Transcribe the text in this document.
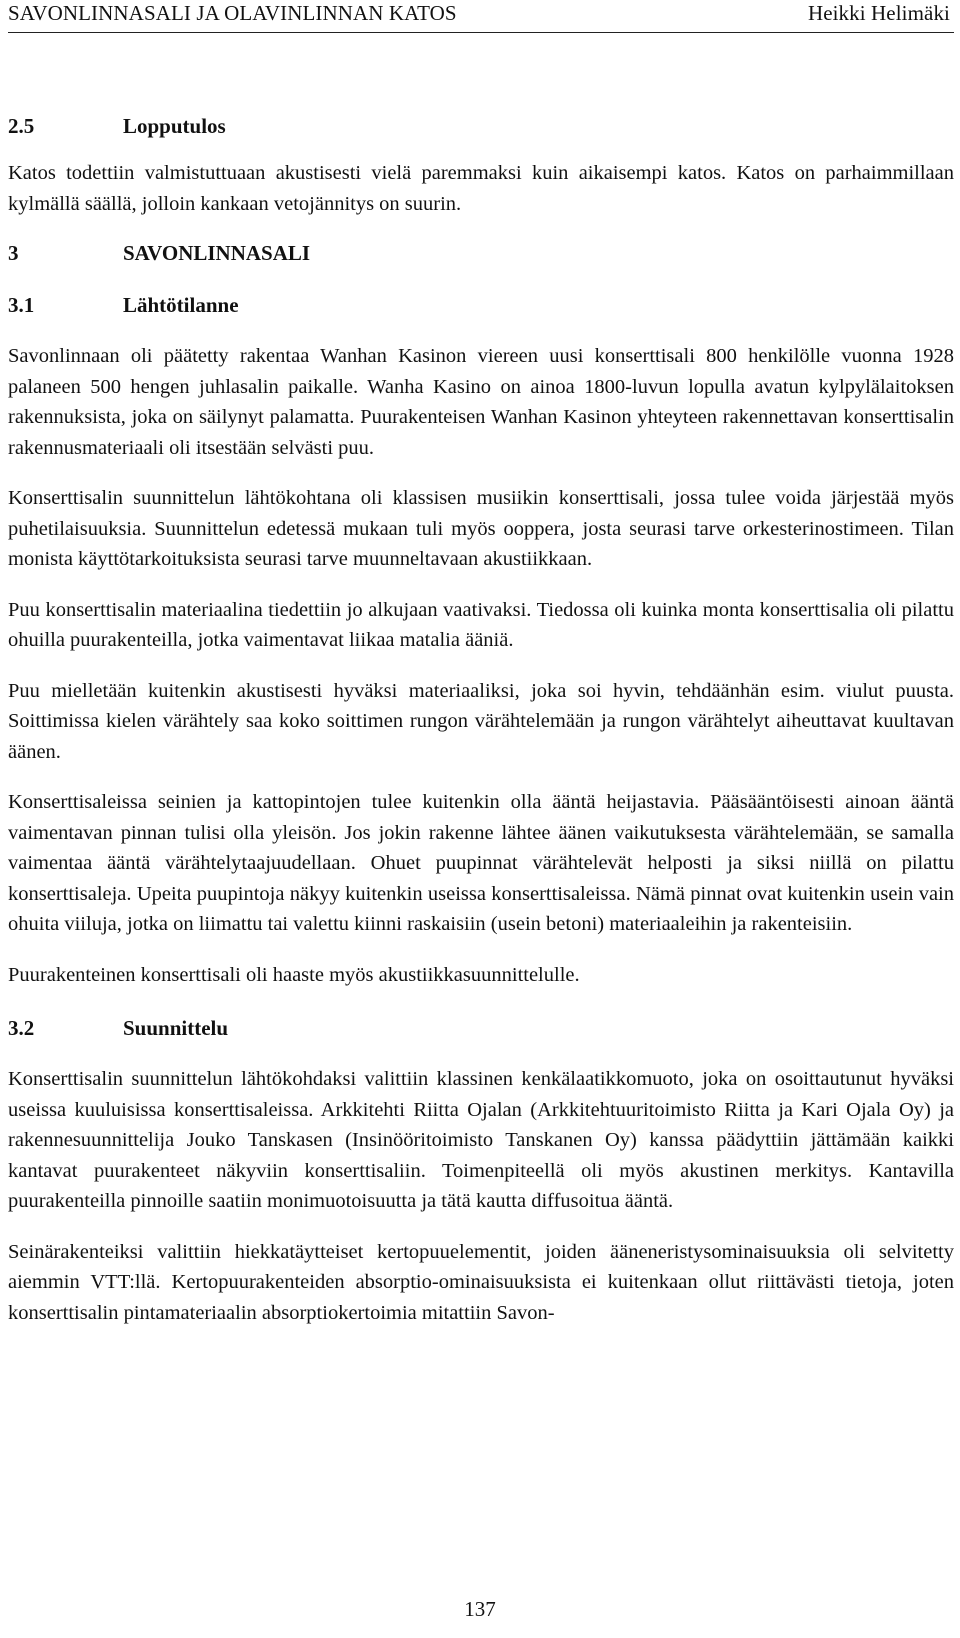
SAVONLINNASALI JA OLAVINLINNAN KATOS	Heikki Helimäki
2.5	Lopputulos

Katos todettiin valmistuttuaan akustisesti vielä paremmaksi kuin aikaisempi katos. Katos on parhaimmillaan kylmällä säällä, jolloin kankaan vetojännitys on suurin.

3	SAVONLINNASALI
3.1	Lähtötilanne

Savonlinnaan oli päätetty rakentaa Wanhan Kasinon viereen uusi konserttisali 800 henkilölle vuonna 1928 palaneen 500 hengen juhlasalin paikalle. Wanha Kasino on ainoa 1800-luvun lopulla avatun kylpylälaitoksen rakennuksista, joka on säilynyt palamatta. Puurakenteisen Wanhan Kasinon yhteyteen rakennettavan konserttisalin rakennusmateriaali oli itsestään selvästi puu.

Konserttisalin suunnittelun lähtökohtana oli klassisen musiikin konserttisali, jossa tulee voida järjestää myös puhetilaisuuksia. Suunnittelun edetessä mukaan tuli myös ooppera, josta seurasi tarve orkesterinostimeen. Tilan monista käyttötarkoituksista seurasi tarve muunneltavaan akustiikkaan.

Puu konserttisalin materiaalina tiedettiin jo alkujaan vaativaksi. Tiedossa oli kuinka monta konserttisalia oli pilattu ohuilla puurakenteilla, jotka vaimentavat liikaa matalia ääniä.

Puu mielletään kuitenkin akustisesti hyväksi materiaaliksi, joka soi hyvin, tehdäänhän esim. viulut puusta. Soittimissa kielen värähtely saa koko soittimen rungon värähtelemään ja rungon värähtelyt aiheuttavat kuultavan äänen.

Konserttisaleissa seinien ja kattopintojen tulee kuitenkin olla ääntä heijastavia. Pääsääntöisesti ainoan ääntä vaimentavan pinnan tulisi olla yleisön. Jos jokin rakenne lähtee äänen vaikutuksesta värähtelemään, se samalla vaimentaa ääntä värähtelytaajuudellaan. Ohuet puupinnat värähtelevät helposti ja siksi niillä on pilattu konserttisaleja. Upeita puupintoja näkyy kuitenkin useissa konserttisaleissa. Nämä pinnat ovat kuitenkin usein vain ohuita viiluja, jotka on liimattu tai valettu kiinni raskaisiin (usein betoni) materiaaleihin ja rakenteisiin.

Puurakenteinen konserttisali oli haaste myös akustiikkasuunnittelulle.

3.2	Suunnittelu

Konserttisalin suunnittelun lähtökohdaksi valittiin klassinen kenkälaatikkomuoto, joka on osoittautunut hyväksi useissa kuuluisissa konserttisaleissa. Arkkitehti Riitta Ojalan (Arkkitehtuuritoimisto Riitta ja Kari Ojala Oy) ja rakennesuunnittelija Jouko Tanskasen (Insinööritoimisto Tanskanen Oy) kanssa päädyttiin jättämään kaikki kantavat puurakenteet näkyviin konserttisaliin. Toimenpiteellä oli myös akustinen merkitys. Kantavilla puurakenteilla pinnoille saatiin monimuotoisuutta ja tätä kautta diffusoitua ääntä.

Seinärakenteiksi valittiin hiekkatäytteiset kertopuuelementit, joiden ääneneristysominaisuuksia oli selvitetty aiemmin VTT:llä. Kertopuurakenteiden absorptio-ominaisuuksista ei kuitenkaan ollut riittävästi tietoja, joten konserttisalin pintamateriaalin absorptiokertoimia mitattiin Savon-

137
